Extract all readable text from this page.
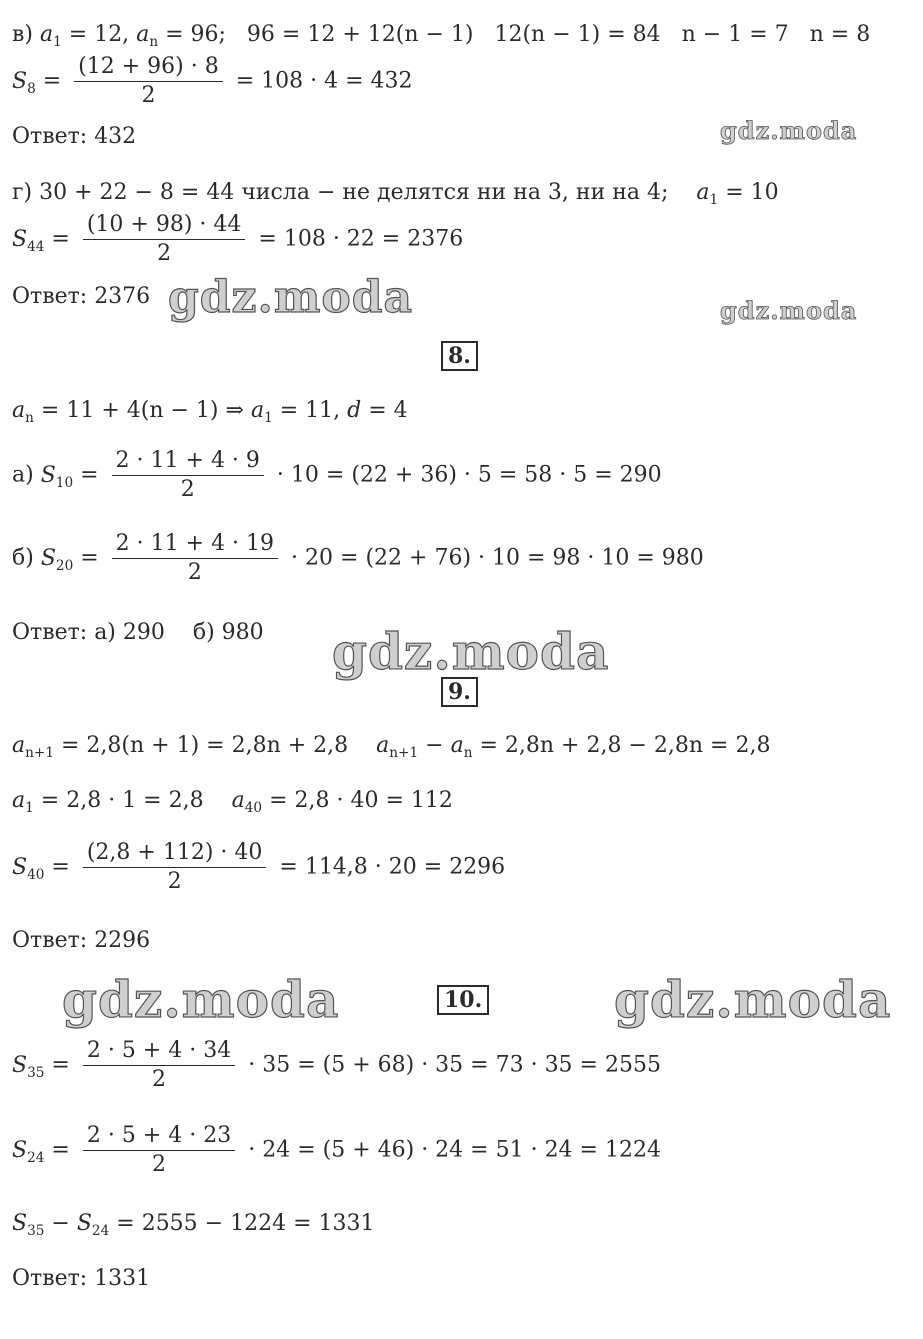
в) $a_1 = 12$, $a_n = 96$; 96 = 12 + 12(n − 1) 12(n − 1) = 84 n − 1 = 7 n = 8
$S_8 = \frac{(12 + 96) \cdot 8}{2} = 108 \cdot 4 = 432$
Ответ: 432	gdz.moda
г) 30 + 22 − 8 = 44 числа − не делятся ни на 3, ни на 4; $a_1 = 10$
$S_{44} = \frac{(10 + 98) \cdot 44}{2} = 108 \cdot 22 = 2376$
Ответ: 2376 gdz.moda	gdz.moda
8.
$a_n = 11 + 4(n - 1)$ ⇒ $a_1 = 11$, d = 4
а) $S_{10} = \frac{2 \cdot 11 + 4 \cdot 9}{2} \cdot 10 = (22 + 36) \cdot 5 = 58 \cdot 5 = 290$
б) $S_{20} = \frac{2 \cdot 11 + 4 \cdot 19}{2} \cdot 20 = (22 + 76) \cdot 10 = 98 \cdot 10 = 980$
Ответ: а) 290    б) 980 gdz.moda
9.
$a_{n+1} = 2,8(n + 1) = 2,8n + 2,8$ $a_{n+1} - a_n = 2,8n + 2,8 - 2,8n = 2,8$
$a_1 = 2,8 \cdot 1 = 2,8$ $a_{40} = 2,8 \cdot 40 = 112$
$S_{40} = \frac{(2,8 + 112) \cdot 40}{2} = 114,8 \cdot 20 = 2296$
Ответ: 2296
gdz.moda	10.	gdz.moda
$S_{35} = \frac{2 \cdot 5 + 4 \cdot 34}{2} \cdot 35 = (5 + 68) \cdot 35 = 73 \cdot 35 = 2555$
$S_{24} = \frac{2 \cdot 5 + 4 \cdot 23}{2} \cdot 24 = (5 + 46) \cdot 24 = 51 \cdot 24 = 1224$
$S_{35} - S_{24} = 2555 - 1224 = 1331$
Ответ: 1331
